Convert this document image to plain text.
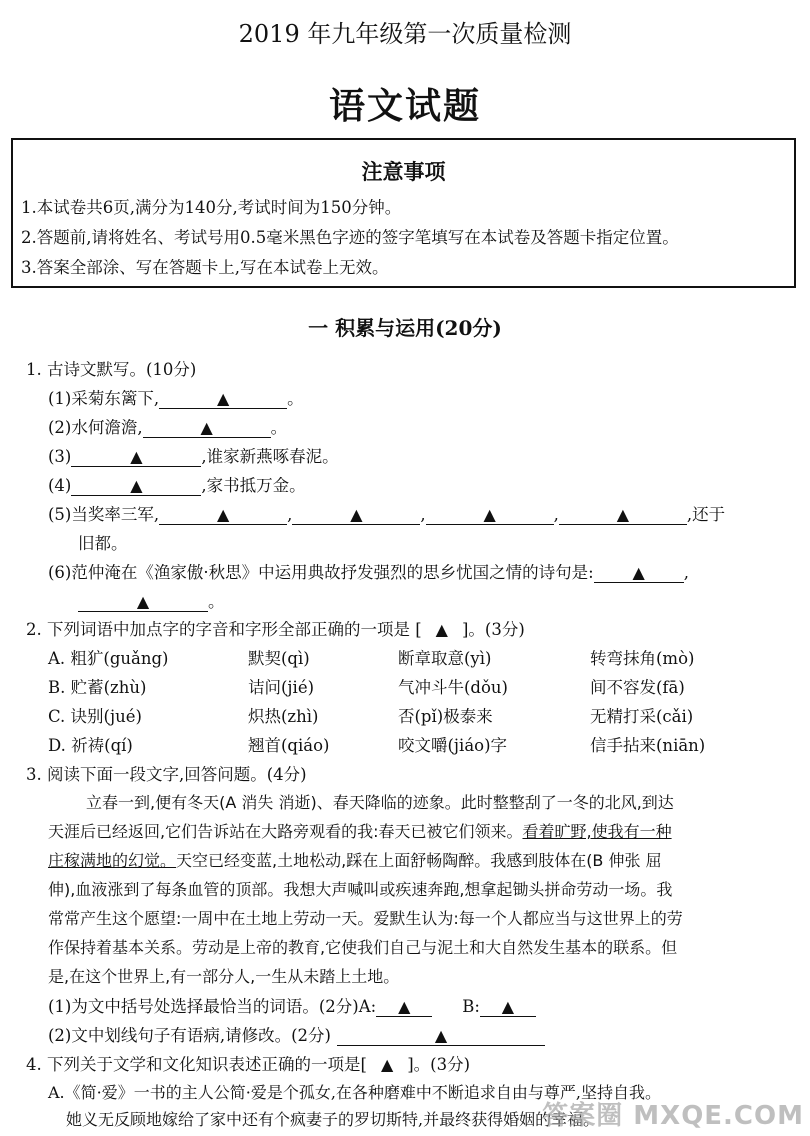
2019 年九年级第一次质量检测
语文试题
注意事项
1.本试卷共6页,满分为140分,考试时间为150分钟。
2.答题前,请将姓名、考试号用0.5毫米黑色字迹的签字笔填写在本试卷及答题卡指定位置。
3.答案全部涂、写在答题卡上,写在本试卷上无效。
一 积累与运用(20分)
1. 古诗文默写。(10分)
(1)采菊东篱下,	▲	。
(2)水何澹澹,	▲	。
(3)	▲	,谁家新燕啄春泥。
(4)	▲	,家书抵万金。
(5)当奖率三军,	▲	,	▲	,	▲	,	▲	,还于
旧都。
(6)范仲淹在《渔家傲·秋思》中运用典故抒发强烈的思乡忧国之情的诗句是: ▲ ,
▲	。
2. 下列词语中加点字的字音和字形全部正确的一项是 [ ▲ ]。(3分)
A. 粗犷(guǎng)	默契(qì)	断章取意(yì)	转弯抹角(mò)
B. 贮蓄(zhù)	诘问(jié)	气冲斗牛(dǒu)	间不容发(fā)
C. 诀别(jué)	炽热(zhì)	否(pǐ)极泰来	无精打采(cǎi)
D. 祈祷(qí)	翘首(qiáo)	咬文嚼(jiáo)字	信手拈来(niān)
3. 阅读下面一段文字,回答问题。(4分)
立春一到,便有冬天(A 消失 消逝)、春天降临的迹象。此时整整刮了一冬的北风,到达
天涯后已经返回,它们告诉站在大路旁观看的我:春天已被它们领来。看着旷野,使我有一种
庄稼满地的幻觉。天空已经变蓝,土地松动,踩在上面舒畅陶醉。我感到肢体在(B 伸张 屈
伸),血液涨到了每条血管的顶部。我想大声喊叫或疾速奔跑,想拿起锄头拼命劳动一场。我
常常产生这个愿望:一周中在土地上劳动一天。爱默生认为:每一个人都应当与这世界上的劳
作保持着基本关系。劳动是上帝的教育,它使我们自己与泥土和大自然发生基本的联系。但
是,在这个世界上,有一部分人,一生从未踏上土地。
(1)为文中括号处选择最恰当的词语。(2分)A: ▲	B: ▲
(2)文中划线句子有语病,请修改。(2分)	▲
4. 下列关于文学和文化知识表述正确的一项是[ ▲ ]。(3分)
A.《简·爱》一书的主人公简·爱是个孤女,在各种磨难中不断追求自由与尊严,坚持自我。
她义无反顾地嫁给了家中还有个疯妻子的罗切斯特,并最终获得婚姻的幸福。
答案圈 MXQE.COM
